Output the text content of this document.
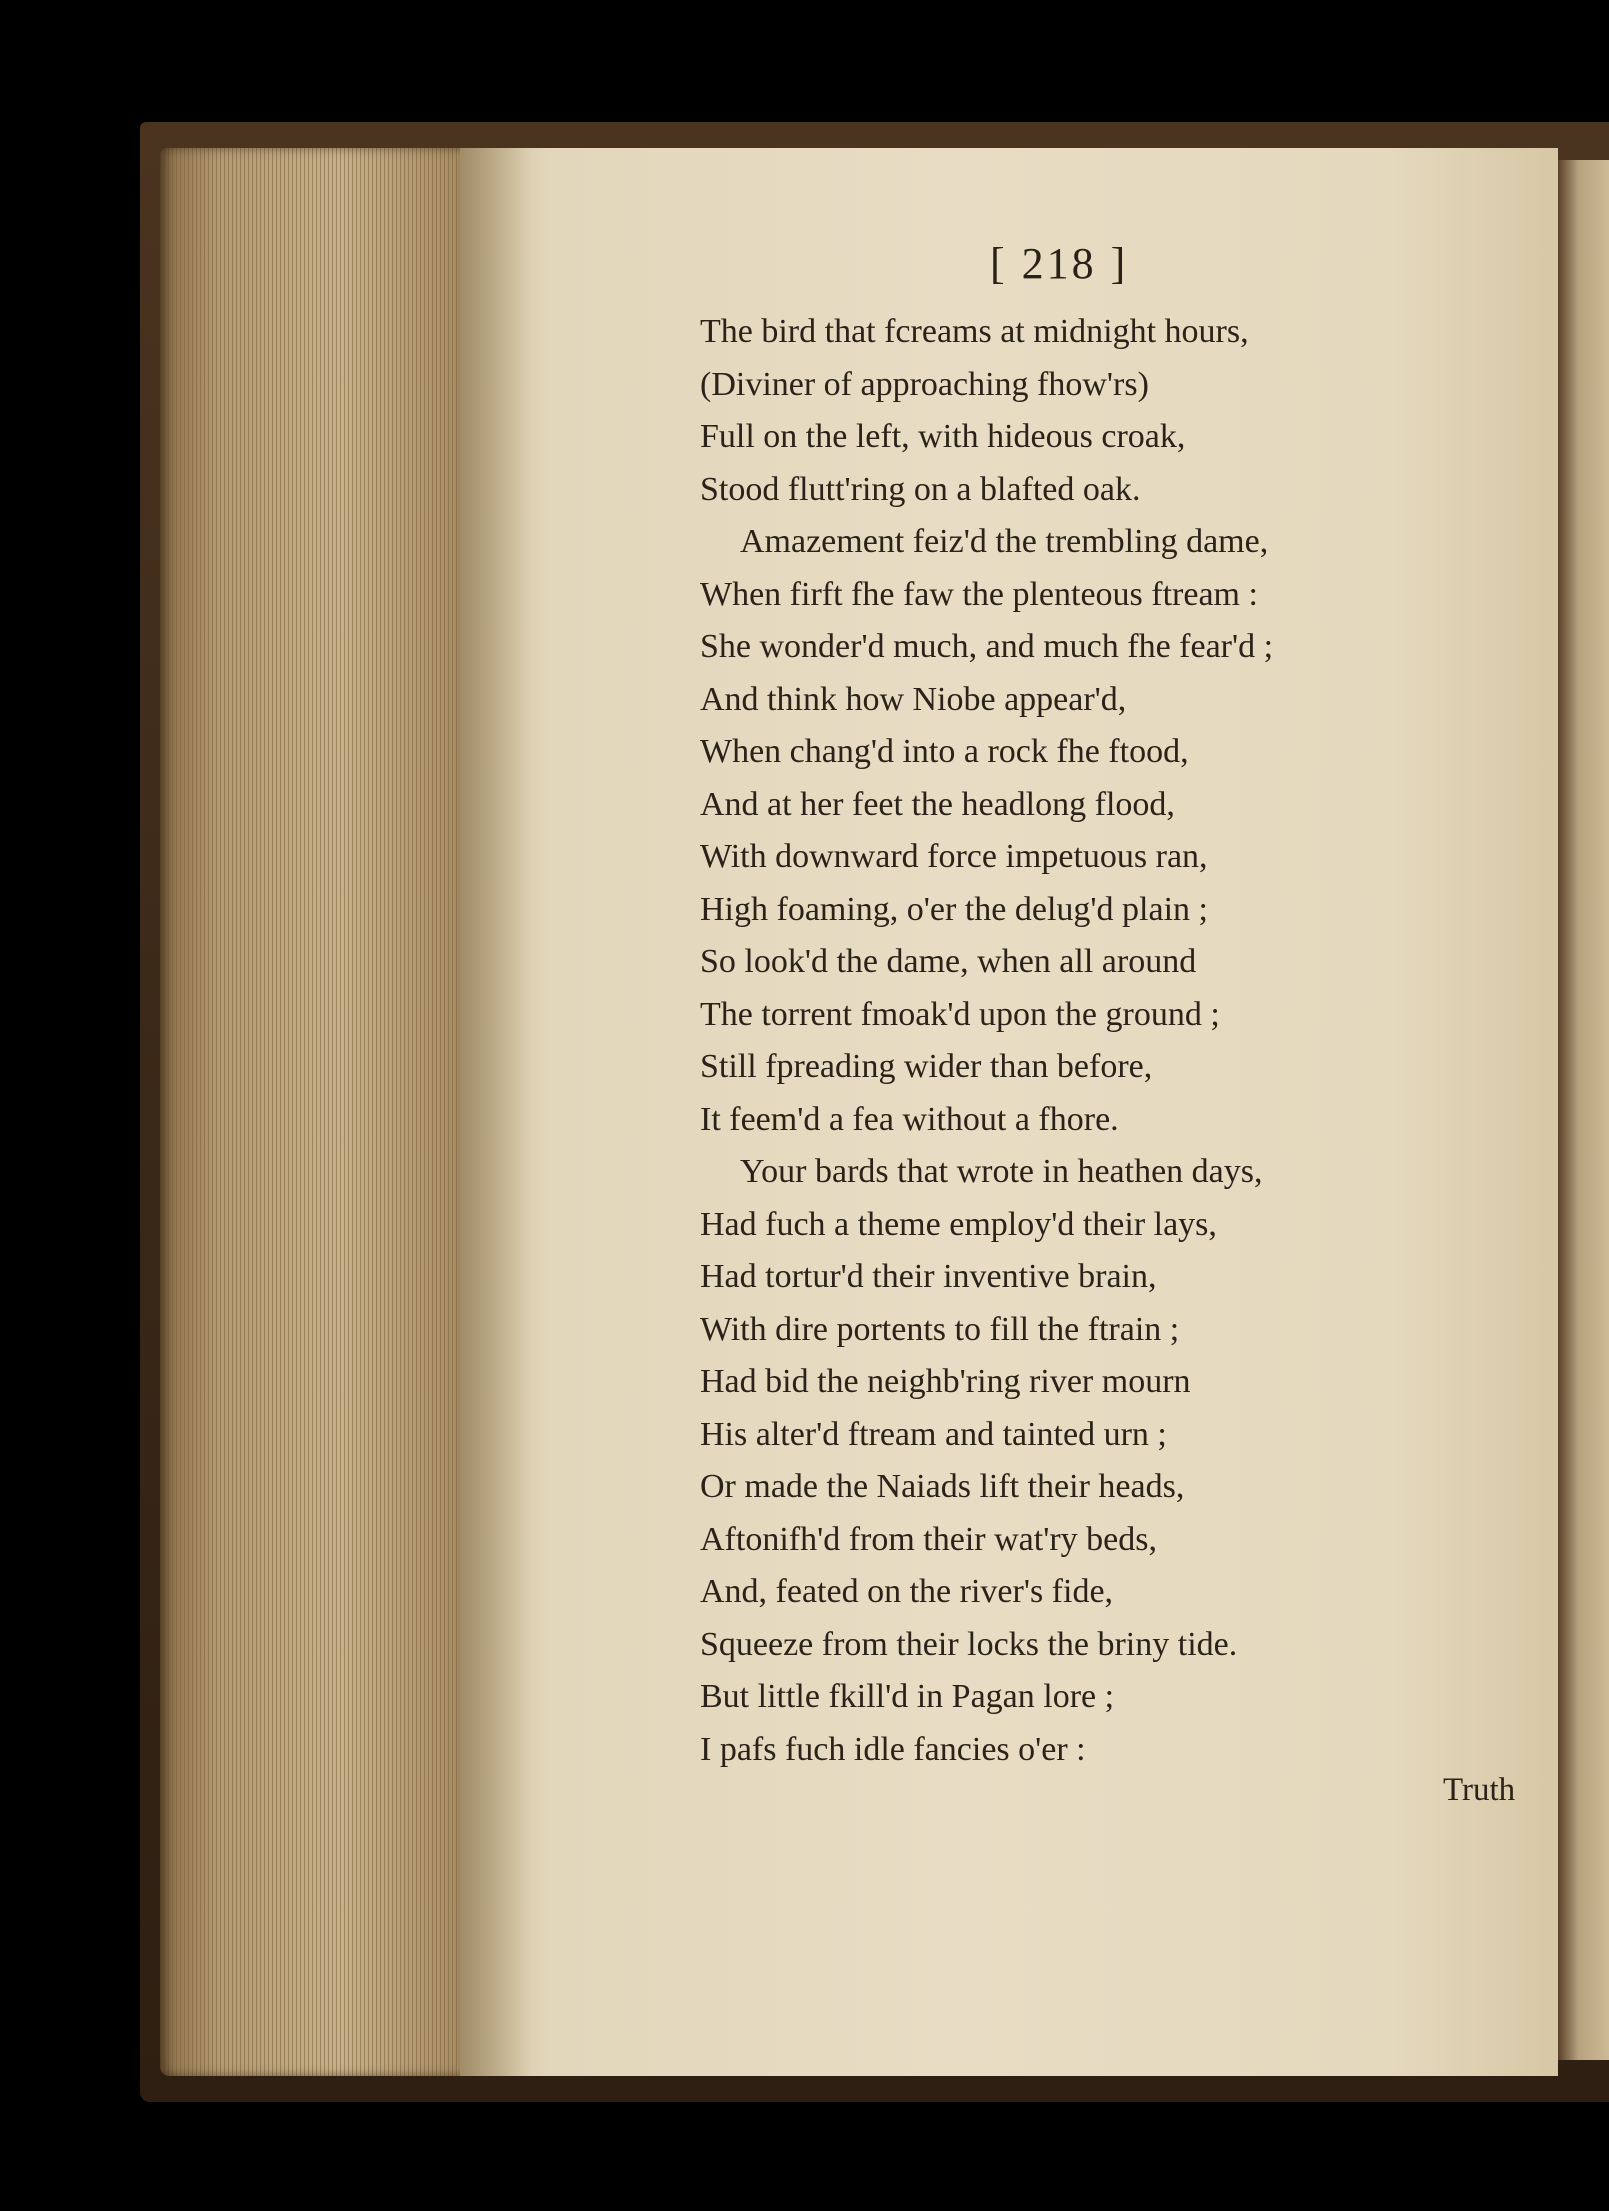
[ 218 ]
The bird that fcreams at midnight hours,
(Diviner of approaching fhow'rs)
Full on the left, with hideous croak,
Stood flutt'ring on a blafted oak.
Amazement feiz'd the trembling dame,
When firft fhe faw the plenteous ftream :
She wonder'd much, and much fhe fear'd ;
And think how Niobe appear'd,
When chang'd into a rock fhe ftood,
And at her feet the headlong flood,
With downward force impetuous ran,
High foaming, o'er the delug'd plain ;
So look'd the dame, when all around
The torrent fmoak'd upon the ground ;
Still fpreading wider than before,
It feem'd a fea without a fhore.
Your bards that wrote in heathen days,
Had fuch a theme employ'd their lays,
Had tortur'd their inventive brain,
With dire portents to fill the ftrain ;
Had bid the neighb'ring river mourn
His alter'd ftream and tainted urn ;
Or made the Naiads lift their heads,
Aftonifh'd from their wat'ry beds,
And, feated on the river's fide,
Squeeze from their locks the briny tide.
But little fkill'd in Pagan lore ;
I pafs fuch idle fancies o'er :
Truth
